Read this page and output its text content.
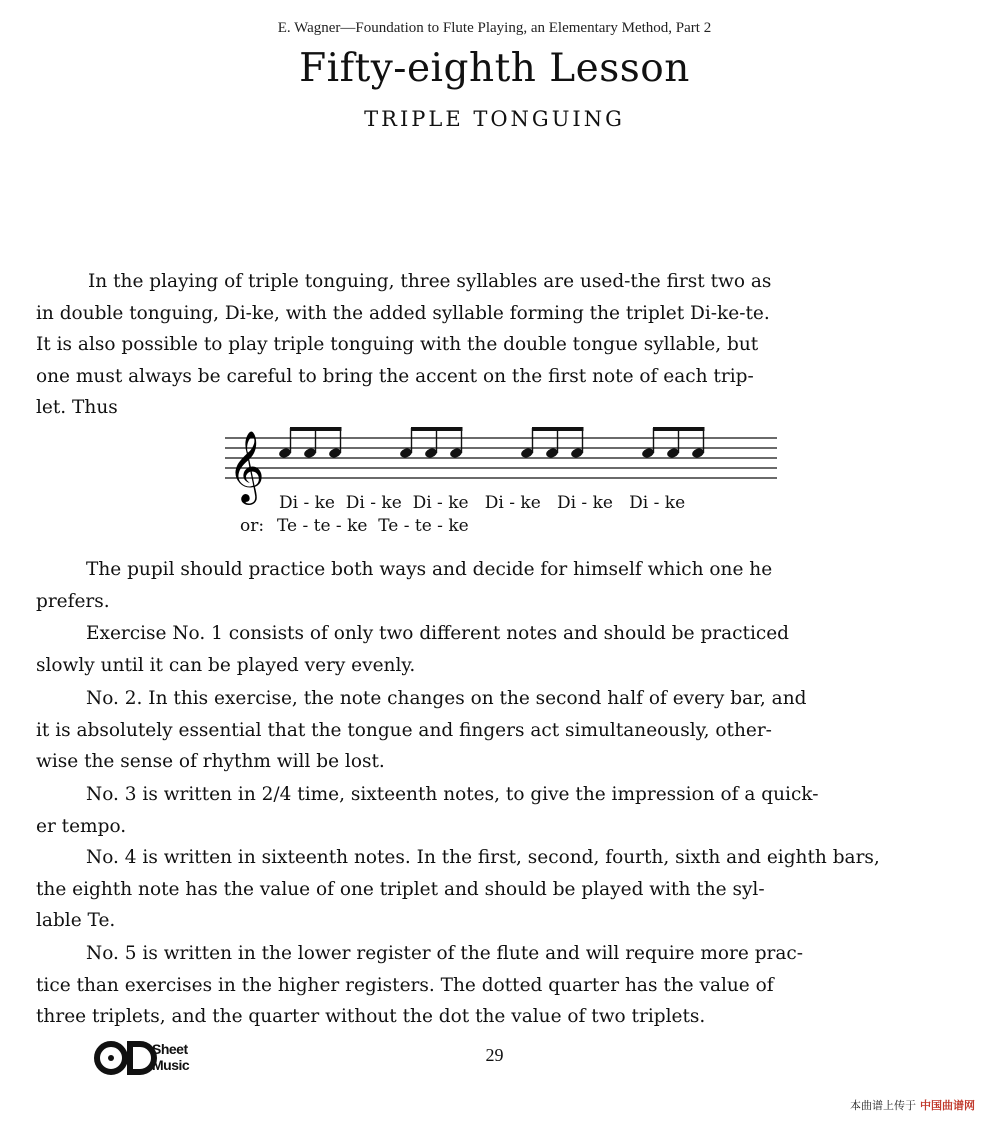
E. Wagner—Foundation to Flute Playing, an Elementary Method, Part 2
Fifty-eighth Lesson
TRIPLE TONGUING
In the playing of triple tonguing, three syllables are used-the first two as
in double tonguing, Di-ke, with the added syllable forming the triplet Di-ke-te.
It is also possible to play triple tonguing with the double tongue syllable, but
one must always be careful to bring the accent on the first note of each trip-
let. Thus
𝄞
Di - ke  Di - ke  Di - ke   Di - ke   Di - ke   Di - ke
or: Te - te - ke  Te - te - ke
The pupil should practice both ways and decide for himself which one he
prefers.
Exercise No. 1 consists of only two different notes and should be practiced
slowly until it can be played very evenly.
No. 2. In this exercise, the note changes on the second half of every bar, and
it is absolutely essential that the tongue and fingers act simultaneously, other-
wise the sense of rhythm will be lost.
No. 3 is written in 2/4 time, sixteenth notes, to give the impression of a quick-
er tempo.
No. 4 is written in sixteenth notes. In the first, second, fourth, sixth and eighth bars,
the eighth note has the value of one triplet and should be played with the syl-
lable Te.
No. 5 is written in the lower register of the flute and will require more prac-
tice than exercises in the higher registers. The dotted quarter has the value of
three triplets, and the quarter without the dot the value of two triplets.
Sheet
Music	29
本曲谱上传于 中国曲谱网
